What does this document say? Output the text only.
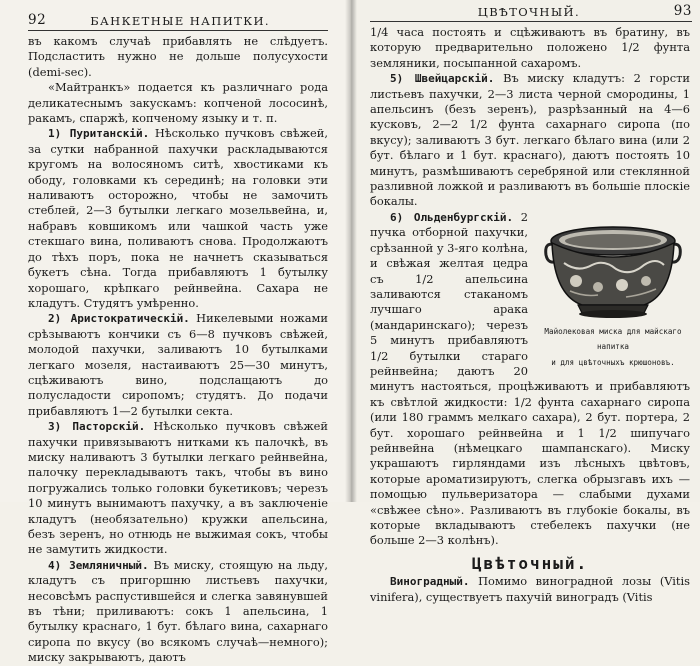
92	БАНКЕТНЫЕ НАПИТКИ.

въ какомъ случаѣ прибавлять не слѣдуетъ. Подсластить нужно не дольше полусухости (demi-sec).

«Майтранкъ» подается къ различнаго рода деликатеснымъ закускамъ: копченой лососинѣ, ракамъ, спаржѣ, копченому языку и т. п.

1) Пуританскій. Нѣсколько пучковъ свѣжей, за сутки набранной пахучки раскладываются кругомъ на волосяномъ ситѣ, хвостиками къ ободу, головками къ серединѣ; на головки эти наливаютъ осторожно, чтобы не замочить стеблей, 2—3 бутылки легкаго мозельвейна, и, набравъ ковшикомъ или чашкой часть уже стекшаго вина, поливаютъ снова. Продолжаютъ до тѣхъ поръ, пока не начнетъ сказываться букетъ сѣна. Тогда прибавляютъ 1 бутылку хорошаго, крѣпкаго рейнвейна. Сахара не кладутъ. Студятъ умѣренно.

2) Аристократическій. Никелевыми ножами срѣзываютъ кончики съ 6—8 пучковъ свѣжей, молодой пахучки, заливаютъ 10 бутылками легкаго мозеля, настаиваютъ 25—30 минутъ, сцѣживаютъ вино, подслащаютъ до полусладости сиропомъ; студятъ. До подачи прибавляютъ 1—2 бутылки секта.

3) Пасторскій. Нѣсколько пучковъ свѣжей пахучки привязываютъ нитками къ палочкѣ, въ миску наливаютъ 3 бутылки легкаго рейнвейна, палочку перекладываютъ такъ, чтобы въ вино погружались только головки букетиковъ; черезъ 10 минутъ вынимаютъ пахучку, а въ заключеніе кладутъ (необязательно) кружки апельсина, безъ зеренъ, но отнюдь не выжимая сокъ, чтобы не замутить жидкости.

4) Земляничный. Въ миску, стоящую на льду, кладутъ съ пригоршню листьевъ пахучки, несовсѣмъ распустившейся и слегка завянувшей въ тѣни; приливаютъ: сокъ 1 апельсина, 1 бутылку краснаго, 1 бут. бѣлаго вина, сахарнаго сиропа по вкусу (во всякомъ случаѣ—немного); миску закрываютъ, даютъ

ЦВѢТОЧНЫЙ.	93

1/4 часа постоять и сцѣживаютъ въ братину, въ которую предварительно положено 1/2 фунта земляники, посыпанной сахаромъ.

5) Швейцарскій. Въ миску кладутъ: 2 горсти листьевъ пахучки, 2—3 листа черной смородины, 1 апельсинъ (безъ зеренъ), разрѣзанный на 4—6 кусковъ, 2—2 1/2 фунта сахарнаго сиропа (по вкусу); заливаютъ 3 бут. легкаго бѣлаго вина (или 2 бут. бѣлаго и 1 бут. краснаго), даютъ постоять 10 минутъ, размѣшиваютъ серебряной или стеклянной разливной ложкой и разливаютъ въ большіе плоскіе бокалы.

Майолековая миска для майскаго напитка
и для цвѣточныхъ крюшоновъ.
6) Ольденбургскій. 2 пучка отборной пахучки, срѣзанной у 3-яго колѣна, и свѣжая желтая цедра съ 1/2 апельсина заливаются стаканомъ лучшаго арака (мандаринскаго); черезъ 5 минутъ прибавляютъ 1/2 бутылки стараго рейнвейна; даютъ 20 минутъ настояться, процѣживаютъ и прибавляютъ къ свѣтлой жидкости: 1/2 фунта сахарнаго сиропа (или 180 граммъ мелкаго сахара), 2 бут. портера, 2 бут. хорошаго рейнвейна и 1 1/2 шипучаго рейнвейна (нѣмецкаго шампанскаго). Миску украшаютъ гирляндами изъ лѣсныхъ цвѣтовъ, которые ароматизируютъ, слегка обрызгавъ ихъ — помощью пульверизатора — слабыми духами «свѣжее сѣно». Разливаютъ въ глубокіе бокалы, въ которые вкладываютъ стебелекъ пахучки (не больше 2—3 колѣнъ).

Цвѣточный.

Виноградный. Помимо виноградной лозы (Vitis vinifera), существуетъ пахучій виноградъ (Vitis
